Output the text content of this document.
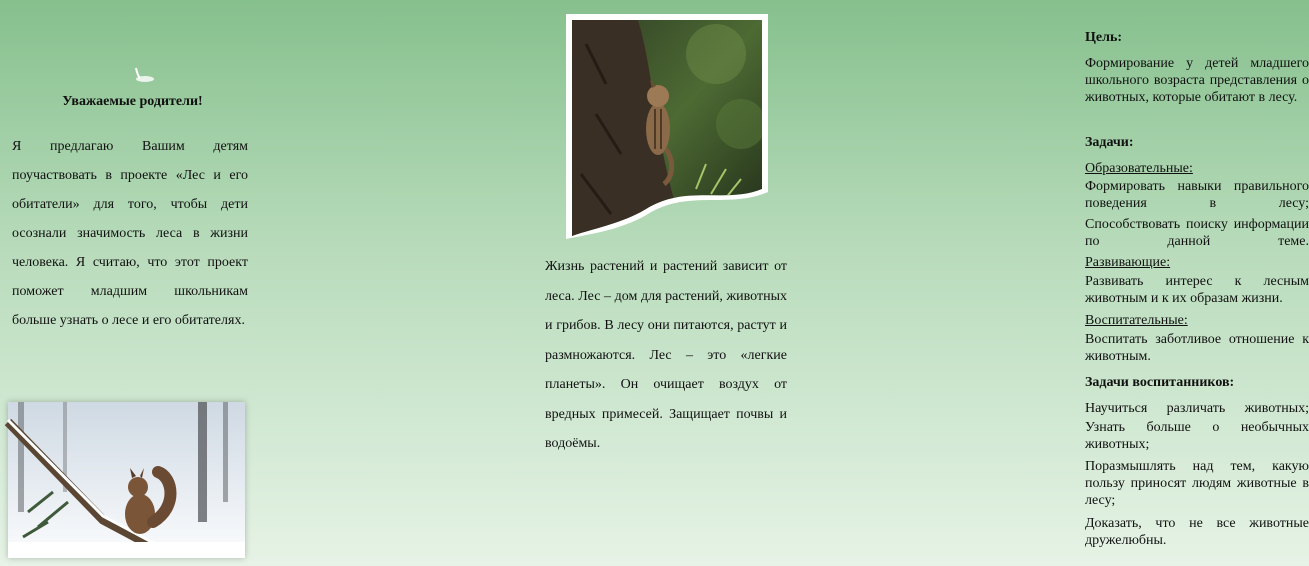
Уважаемые родители!

Я предлагаю Вашим детям поучаствовать в проекте «Лес и его обитатели» для того, чтобы дети осознали значимость леса в жизни человека. Я считаю, что этот проект поможет младшим школьникам больше узнать о лесе и его обитателях.

Жизнь растений и растений зависит от леса. Лес – дом для растений, животных и грибов. В лесу они питаются, растут и размножаются. Лес – это «легкие планеты». Он очищает воздух от вредных примесей. Защищает почвы и водоёмы.

Цель:

Формирование у детей младшего школьного возраста представления о животных, которые обитают в лесу.

Задачи:

Образовательные:

Формировать навыки правильного поведения в лесу;

Способствовать поиску информации по данной теме.

Развивающие:

Развивать интерес к лесным животным и к их образам жизни.

Воспитательные:

Воспитать заботливое отношение к животным.

Задачи воспитанников:

Научиться различать животных;

Узнать больше о необычных животных;

Поразмышлять над тем, какую пользу приносят людям животные в лесу;

Доказать, что не все животные дружелюбны.
